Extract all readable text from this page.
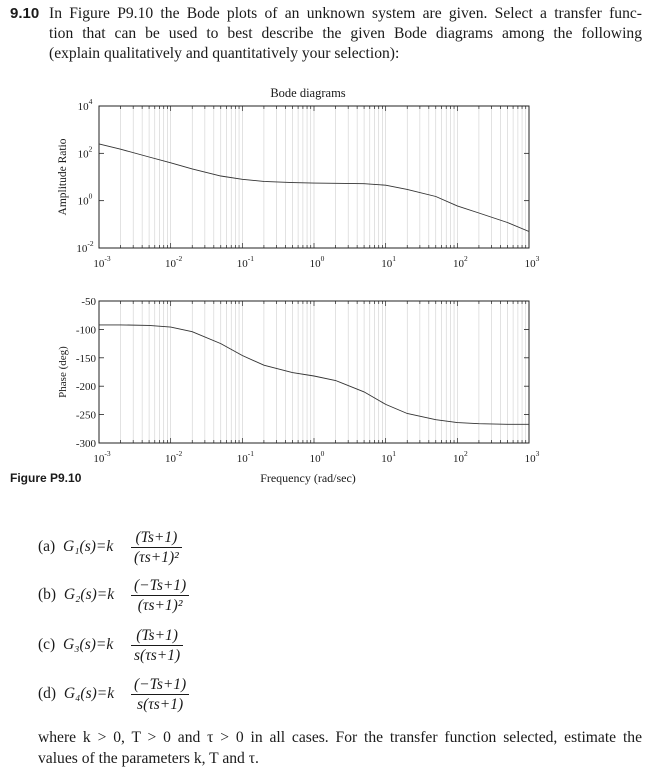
9.10 In Figure P9.10 the Bode plots of an unknown system are given. Select a transfer func-
tion that can be used to best describe the given Bode diagrams among the following
(explain qualitatively and quantitatively your selection):
Bode diagrams
Amplitude Ratio
Phase (deg)
Frequency (rad/sec)
$10^{-3}$	$10^{-2}$	$10^{-1}$	$10^0$	$10^1$	$10^2$	$10^3$
$10^{-2}$
$10^0$
$10^2$
$10^4$
$10^{-3}$	$10^{-2}$	$10^{-1}$	$10^0$	$10^1$	$10^2$	$10^3$
-50
-100
-150
-200
-250
-300
Figure P9.10
(a) $G_1(s)=k \frac{(Ts+1)}{\text{(τs+1)²}}$
(b) $G_2(s)=k \frac{(-Ts+1)}{\text{(τs+1)²}}$
(c) $G_3(s)=k \frac{(Ts+1)}{s(\tau s+1)}$
(d) $G_4(s)=k \frac{(-Ts+1)}{s(\tau s+1)}$
where k > 0, T > 0 and τ > 0 in all cases. For the transfer function selected, estimate the
values of the parameters k, T and τ.
